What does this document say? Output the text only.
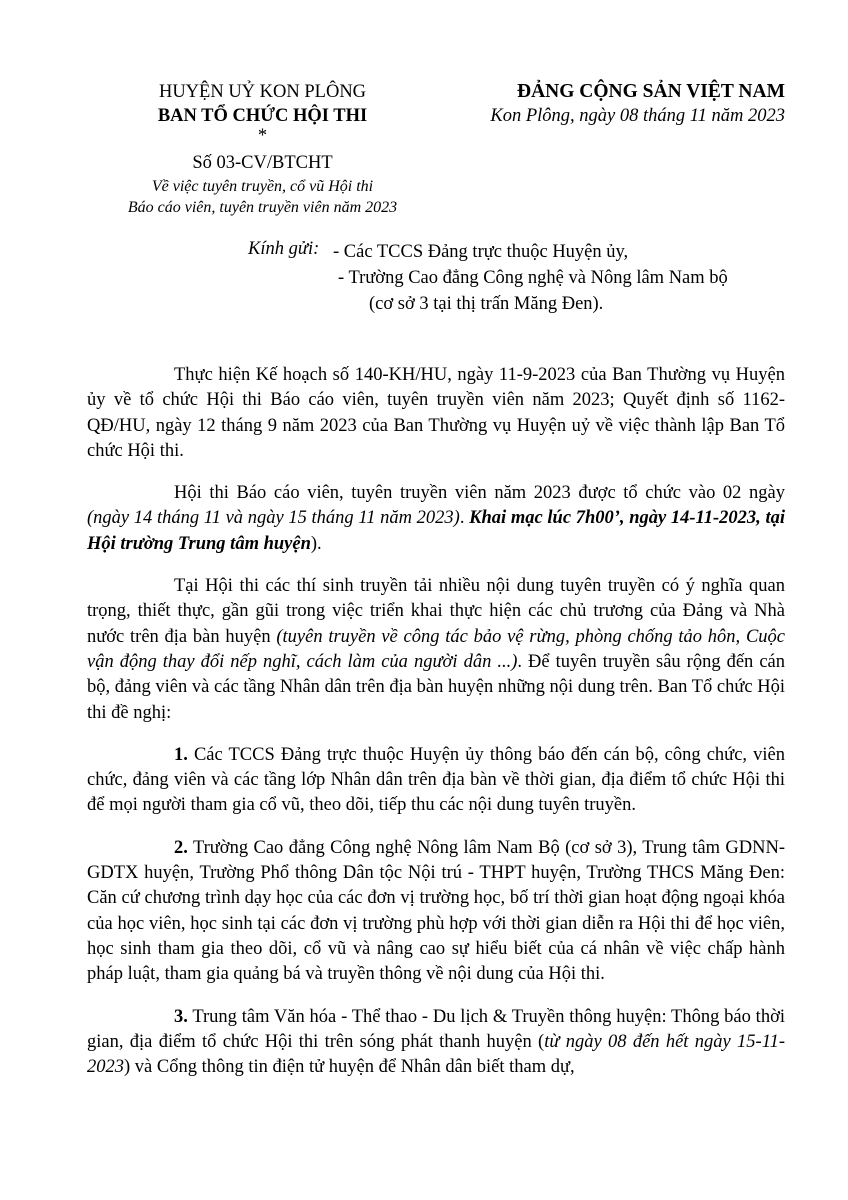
HUYỆN UỶ KON PLÔNG
BAN TỔ CHỨC HỘI THI
*
Số 03-CV/BTCHT
Về việc tuyên truyền, cổ vũ Hội thi
Báo cáo viên, tuyên truyền viên năm 2023
ĐẢNG CỘNG SẢN VIỆT NAM
Kon Plông, ngày 08 tháng 11 năm 2023
Kính gửi: - Các TCCS Đảng trực thuộc Huyện ủy,
- Trường Cao đẳng Công nghệ và Nông lâm Nam bộ
(cơ sở 3 tại thị trấn Măng Đen).

Thực hiện Kế hoạch số 140-KH/HU, ngày 11-9-2023 của Ban Thường vụ Huyện ủy về tổ chức Hội thi Báo cáo viên, tuyên truyền viên năm 2023; Quyết định số 1162-QĐ/HU, ngày 12 tháng 9 năm 2023 của Ban Thường vụ Huyện uỷ về việc thành lập Ban Tổ chức Hội thi.

Hội thi Báo cáo viên, tuyên truyền viên năm 2023 được tổ chức vào 02 ngày (ngày 14 tháng 11 và ngày 15 tháng 11 năm 2023). Khai mạc lúc 7h00’, ngày 14-11-2023, tại Hội trường Trung tâm huyện).

Tại Hội thi các thí sinh truyền tải nhiều nội dung tuyên truyền có ý nghĩa quan trọng, thiết thực, gần gũi trong việc triển khai thực hiện các chủ trương của Đảng và Nhà nước trên địa bàn huyện (tuyên truyền về công tác bảo vệ rừng, phòng chống tảo hôn, Cuộc vận động thay đổi nếp nghĩ, cách làm của người dân ...). Để tuyên truyền sâu rộng đến cán bộ, đảng viên và các tầng Nhân dân trên địa bàn huyện những nội dung trên. Ban Tổ chức Hội thi đề nghị:

1. Các TCCS Đảng trực thuộc Huyện ủy thông báo đến cán bộ, công chức, viên chức, đảng viên và các tầng lớp Nhân dân trên địa bàn về thời gian, địa điểm tổ chức Hội thi để mọi người tham gia cổ vũ, theo dõi, tiếp thu các nội dung tuyên truyền.

2. Trường Cao đẳng Công nghệ Nông lâm Nam Bộ (cơ sở 3), Trung tâm GDNN-GDTX huyện, Trường Phổ thông Dân tộc Nội trú - THPT huyện, Trường THCS Măng Đen: Căn cứ chương trình dạy học của các đơn vị trường học, bố trí thời gian hoạt động ngoại khóa của học viên, học sinh tại các đơn vị trường phù hợp với thời gian diễn ra Hội thi để học viên, học sinh tham gia theo dõi, cổ vũ và nâng cao sự hiểu biết của cá nhân về việc chấp hành pháp luật, tham gia quảng bá và truyền thông về nội dung của Hội thi.

3. Trung tâm Văn hóa - Thể thao - Du lịch & Truyền thông huyện: Thông báo thời gian, địa điểm tổ chức Hội thi trên sóng phát thanh huyện (từ ngày 08 đến hết ngày 15-11-2023) và Cổng thông tin điện tử huyện để Nhân dân biết tham dự,
